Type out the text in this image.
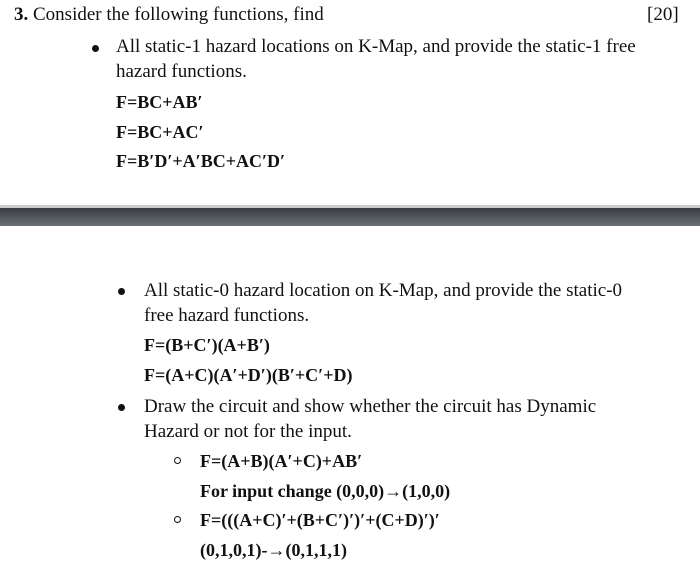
3. Consider the following functions, find	[20]
All static-1 hazard locations on K-Map, and provide the static-1 free
hazard functions.
F=BC+AB′
F=BC+AC′
F=B′D′+A′BC+AC′D′
All static-0 hazard location on K-Map, and provide the static-0
free hazard functions.
F=(B+C′)(A+B′)
F=(A+C)(A′+D′)(B′+C′+D)
Draw the circuit and show whether the circuit has Dynamic
Hazard or not for the input.
F=(A+B)(A′+C)+AB′
For input change (0,0,0)→(1,0,0)
F=(((A+C)′+(B+C′)′)′+(C+D)′)′
(0,1,0,1)-→(0,1,1,1)
